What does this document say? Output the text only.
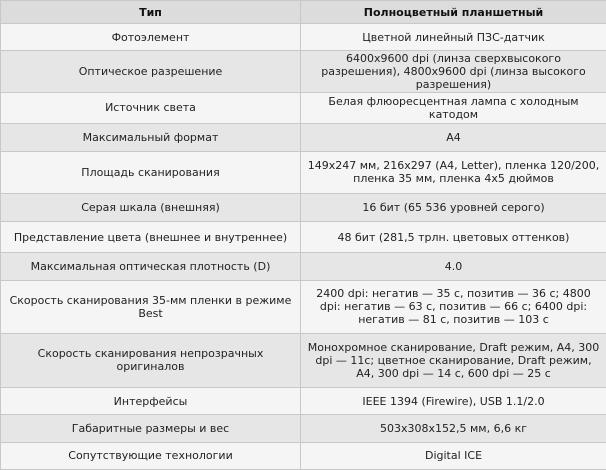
Тип	Полноцветный планшетный
Фотоэлемент	Цветной линейный ПЗС-датчик
Оптическое разрешение	6400x9600 dpi (линза сверхвысокого разрешения), 4800x9600 dpi (линза высокого разрешения)
Источник света	Белая флюоресцентная лампа с холодным катодом
Максимальный формат	A4
Площадь сканирования	149x247 мм, 216x297 (A4, Letter), пленка 120/200, пленка 35 мм, пленка 4x5 дюймов
Серая шкала (внешняя)	16 бит (65 536 уровней серого)
Представление цвета (внешнее и внутреннее)	48 бит (281,5 трлн. цветовых оттенков)
Максимальная оптическая плотность (D)	4.0
Скорость сканирования 35-мм пленки в режиме Best	2400 dpi: негатив — 35 с, позитив — 36 с; 4800 dpi: негатив — 63 с, позитив — 66 с; 6400 dpi: негатив — 81 с, позитив — 103 с
Скорость сканирования непрозрачных оригиналов	Монохромное сканирование, Draft режим, A4, 300 dpi — 11с; цветное сканирование, Draft режим, A4, 300 dpi — 14 с, 600 dpi — 25 с
Интерфейсы	IEEE 1394 (Firewire), USB 1.1/2.0
Габаритные размеры и вес	503x308x152,5 мм, 6,6 кг
Сопутствующие технологии	Digital ICE
